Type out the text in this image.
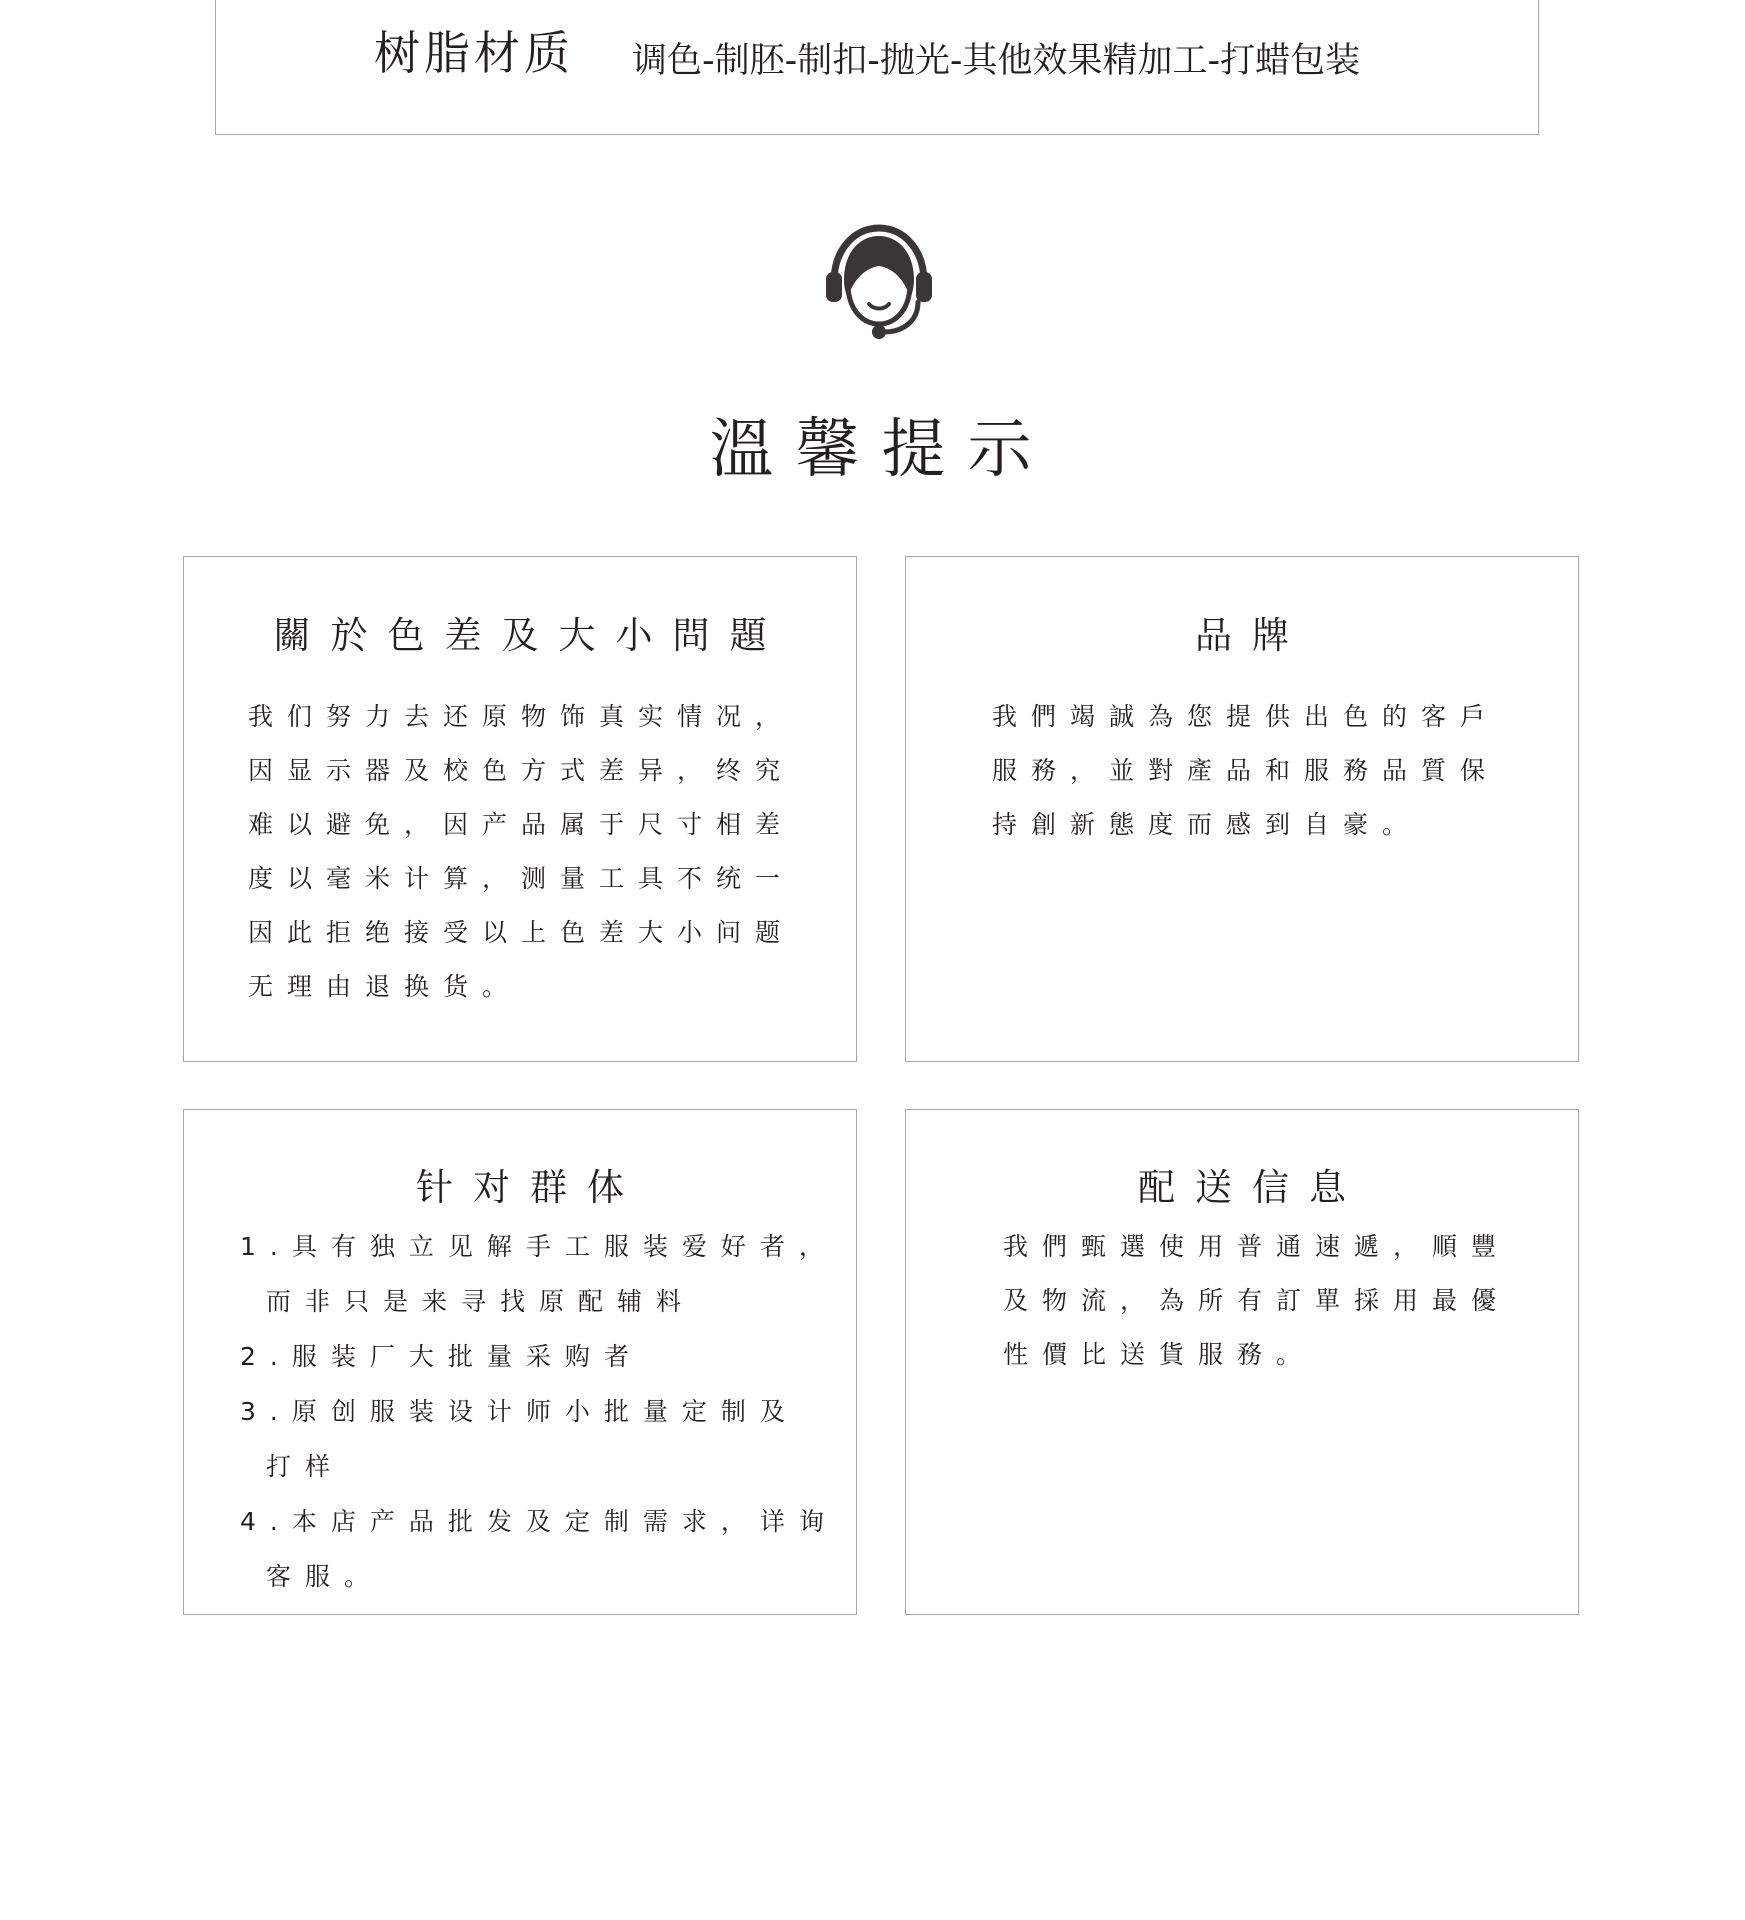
树脂材质 调色-制胚-制扣-抛光-其他效果精加工-打蜡包装
溫馨提示
關於色差及大小問題
我们努力去还原物饰真实情况，
因显示器及校色方式差异，终究
难以避免，因产品属于尺寸相差
度以毫米计算，测量工具不统一
因此拒绝接受以上色差大小问题
无理由退换货。
品牌
我們竭誠為您提供出色的客戶
服務，並對產品和服務品質保
持創新態度而感到自豪。
针对群体
1.具有独立见解手工服装爱好者，
而非只是来寻找原配辅料
2.服装厂大批量采购者
3.原创服装设计师小批量定制及
打样
4.本店产品批发及定制需求，详询
客服。
配送信息
我們甄選使用普通速遞，順豐
及物流，為所有訂單採用最優
性價比送貨服務。
